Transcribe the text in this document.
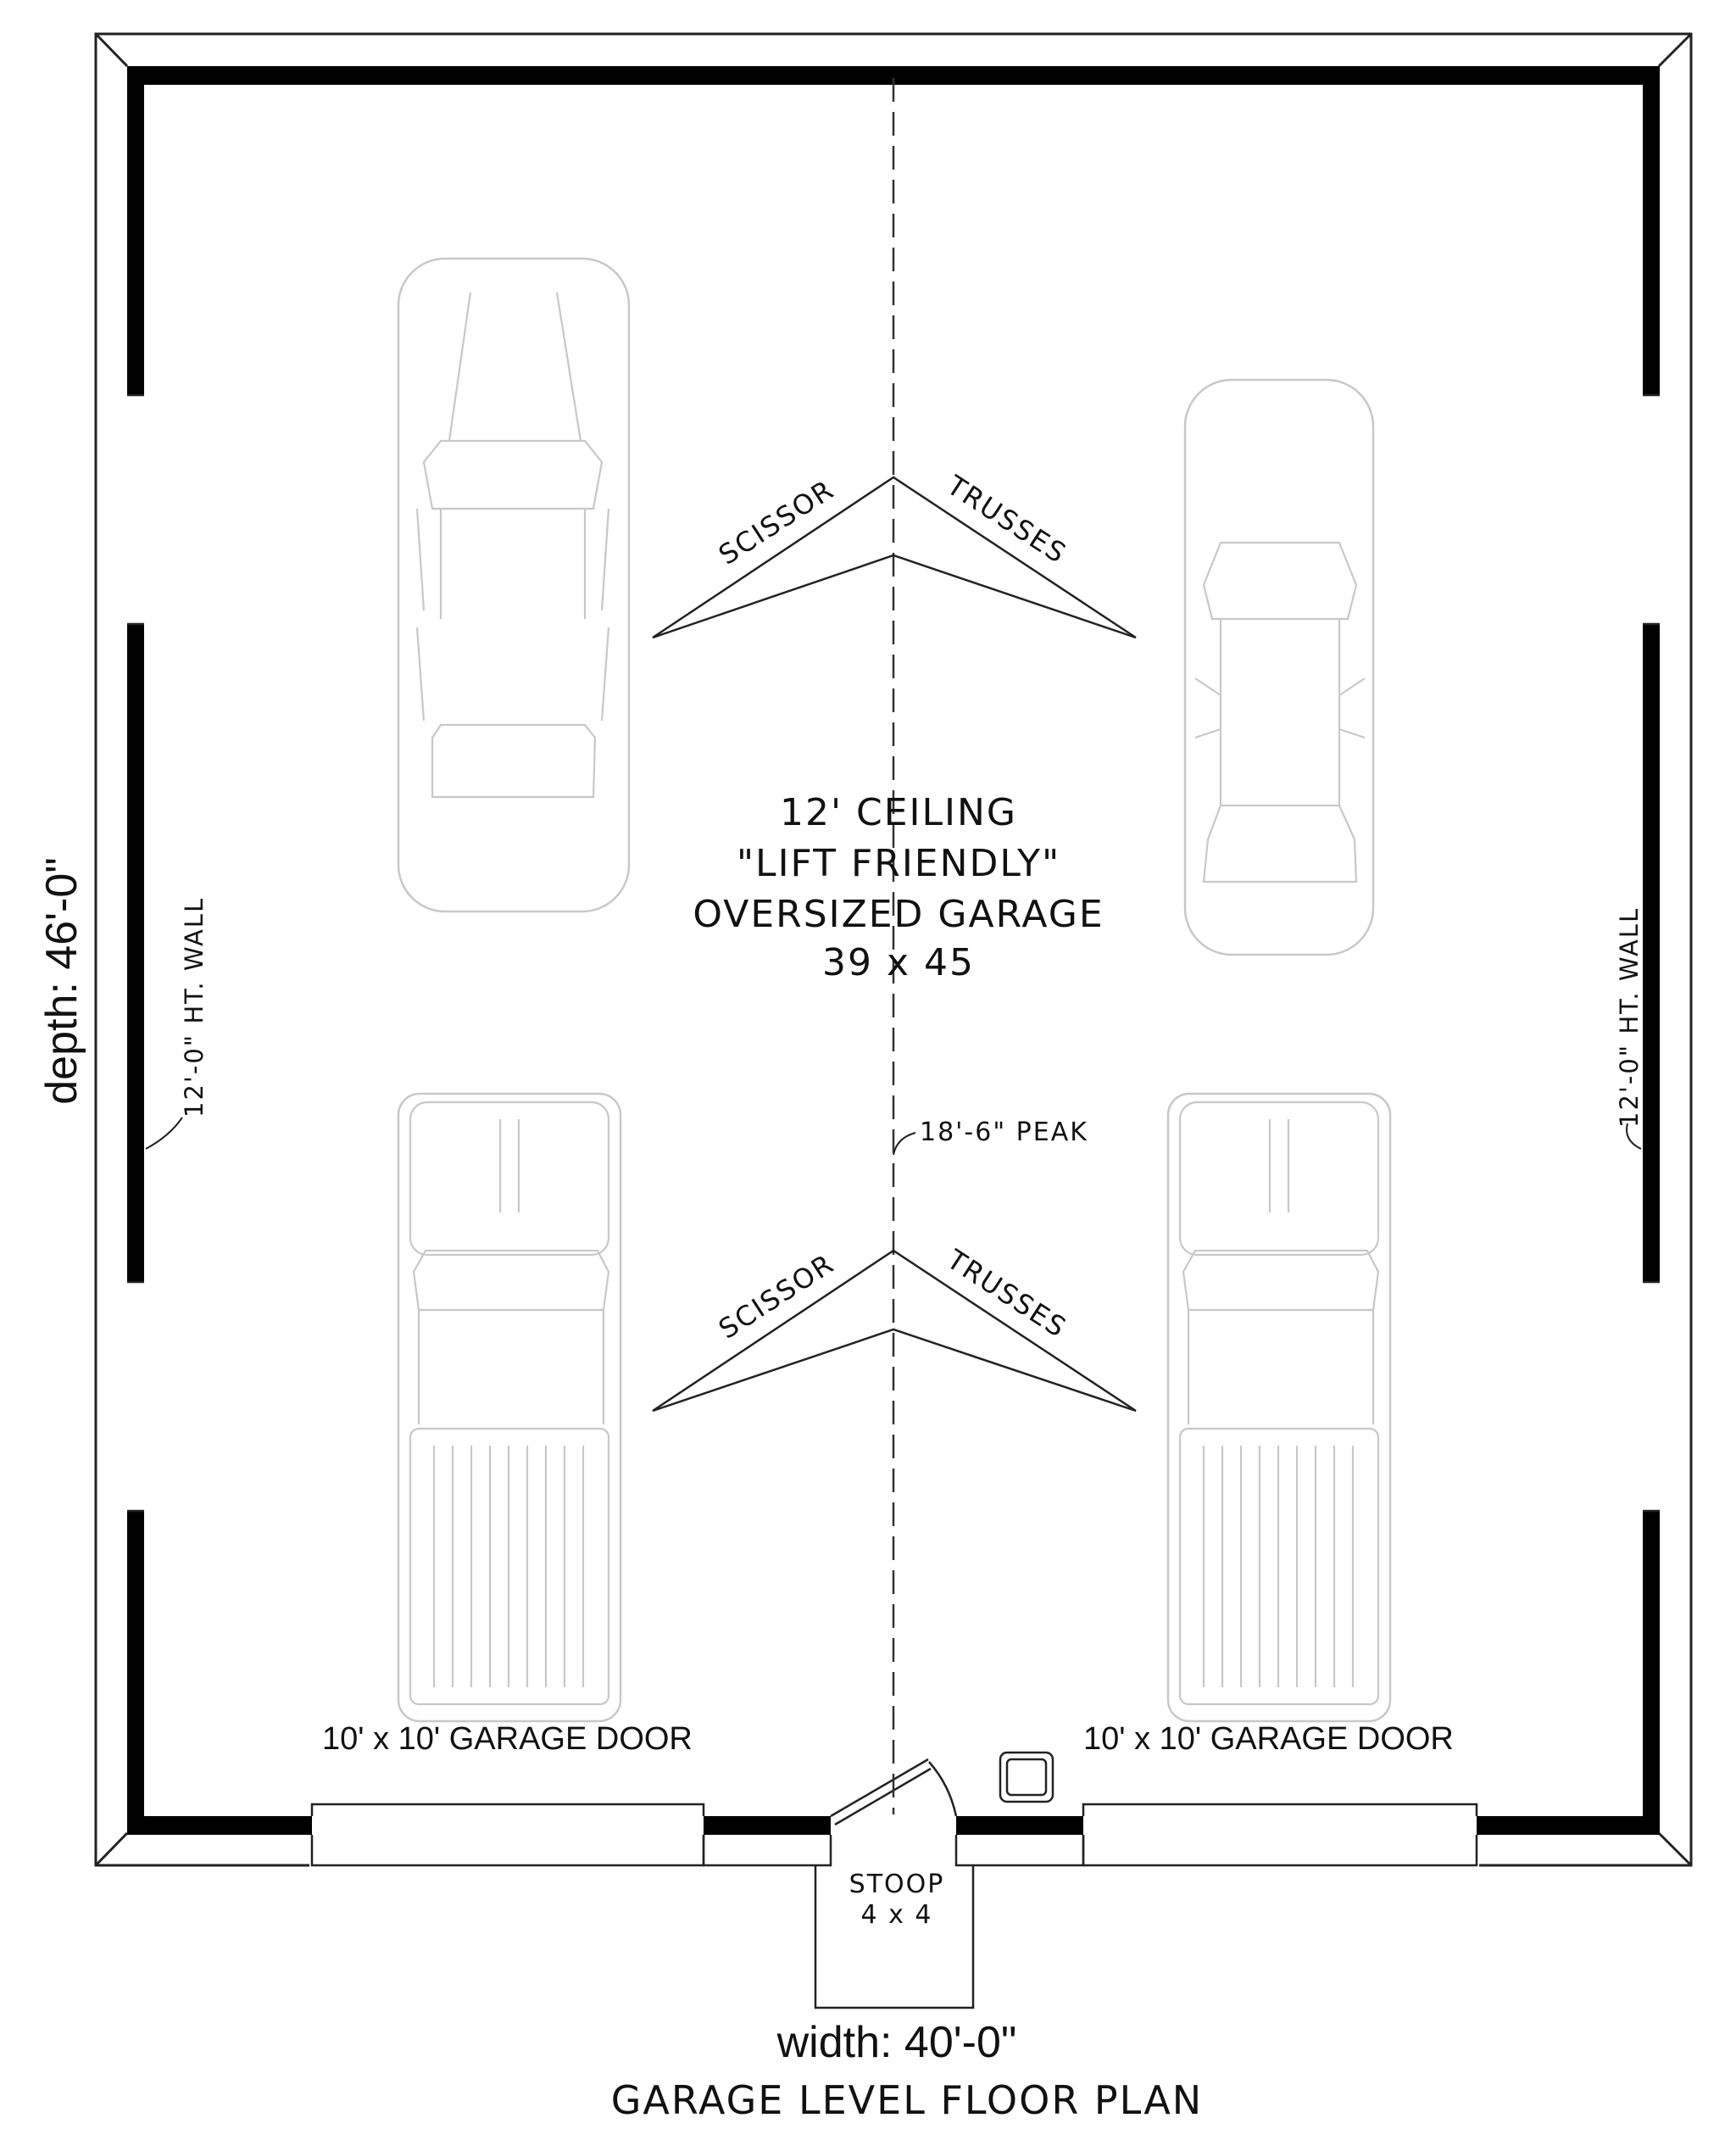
12' CEILING
"LIFT FRIENDLY"
OVERSIZED GARAGE
39 x 45
SCISSOR	TRUSSES
SCISSOR	TRUSSES
18'-6" PEAK
12'-0" HT. WALL	12'-0" HT. WALL
10' x 10' GARAGE DOOR	10' x 10' GARAGE DOOR
STOOP
4 x 4
width: 40'-0"
depth: 46'-0"
GARAGE LEVEL FLOOR PLAN
